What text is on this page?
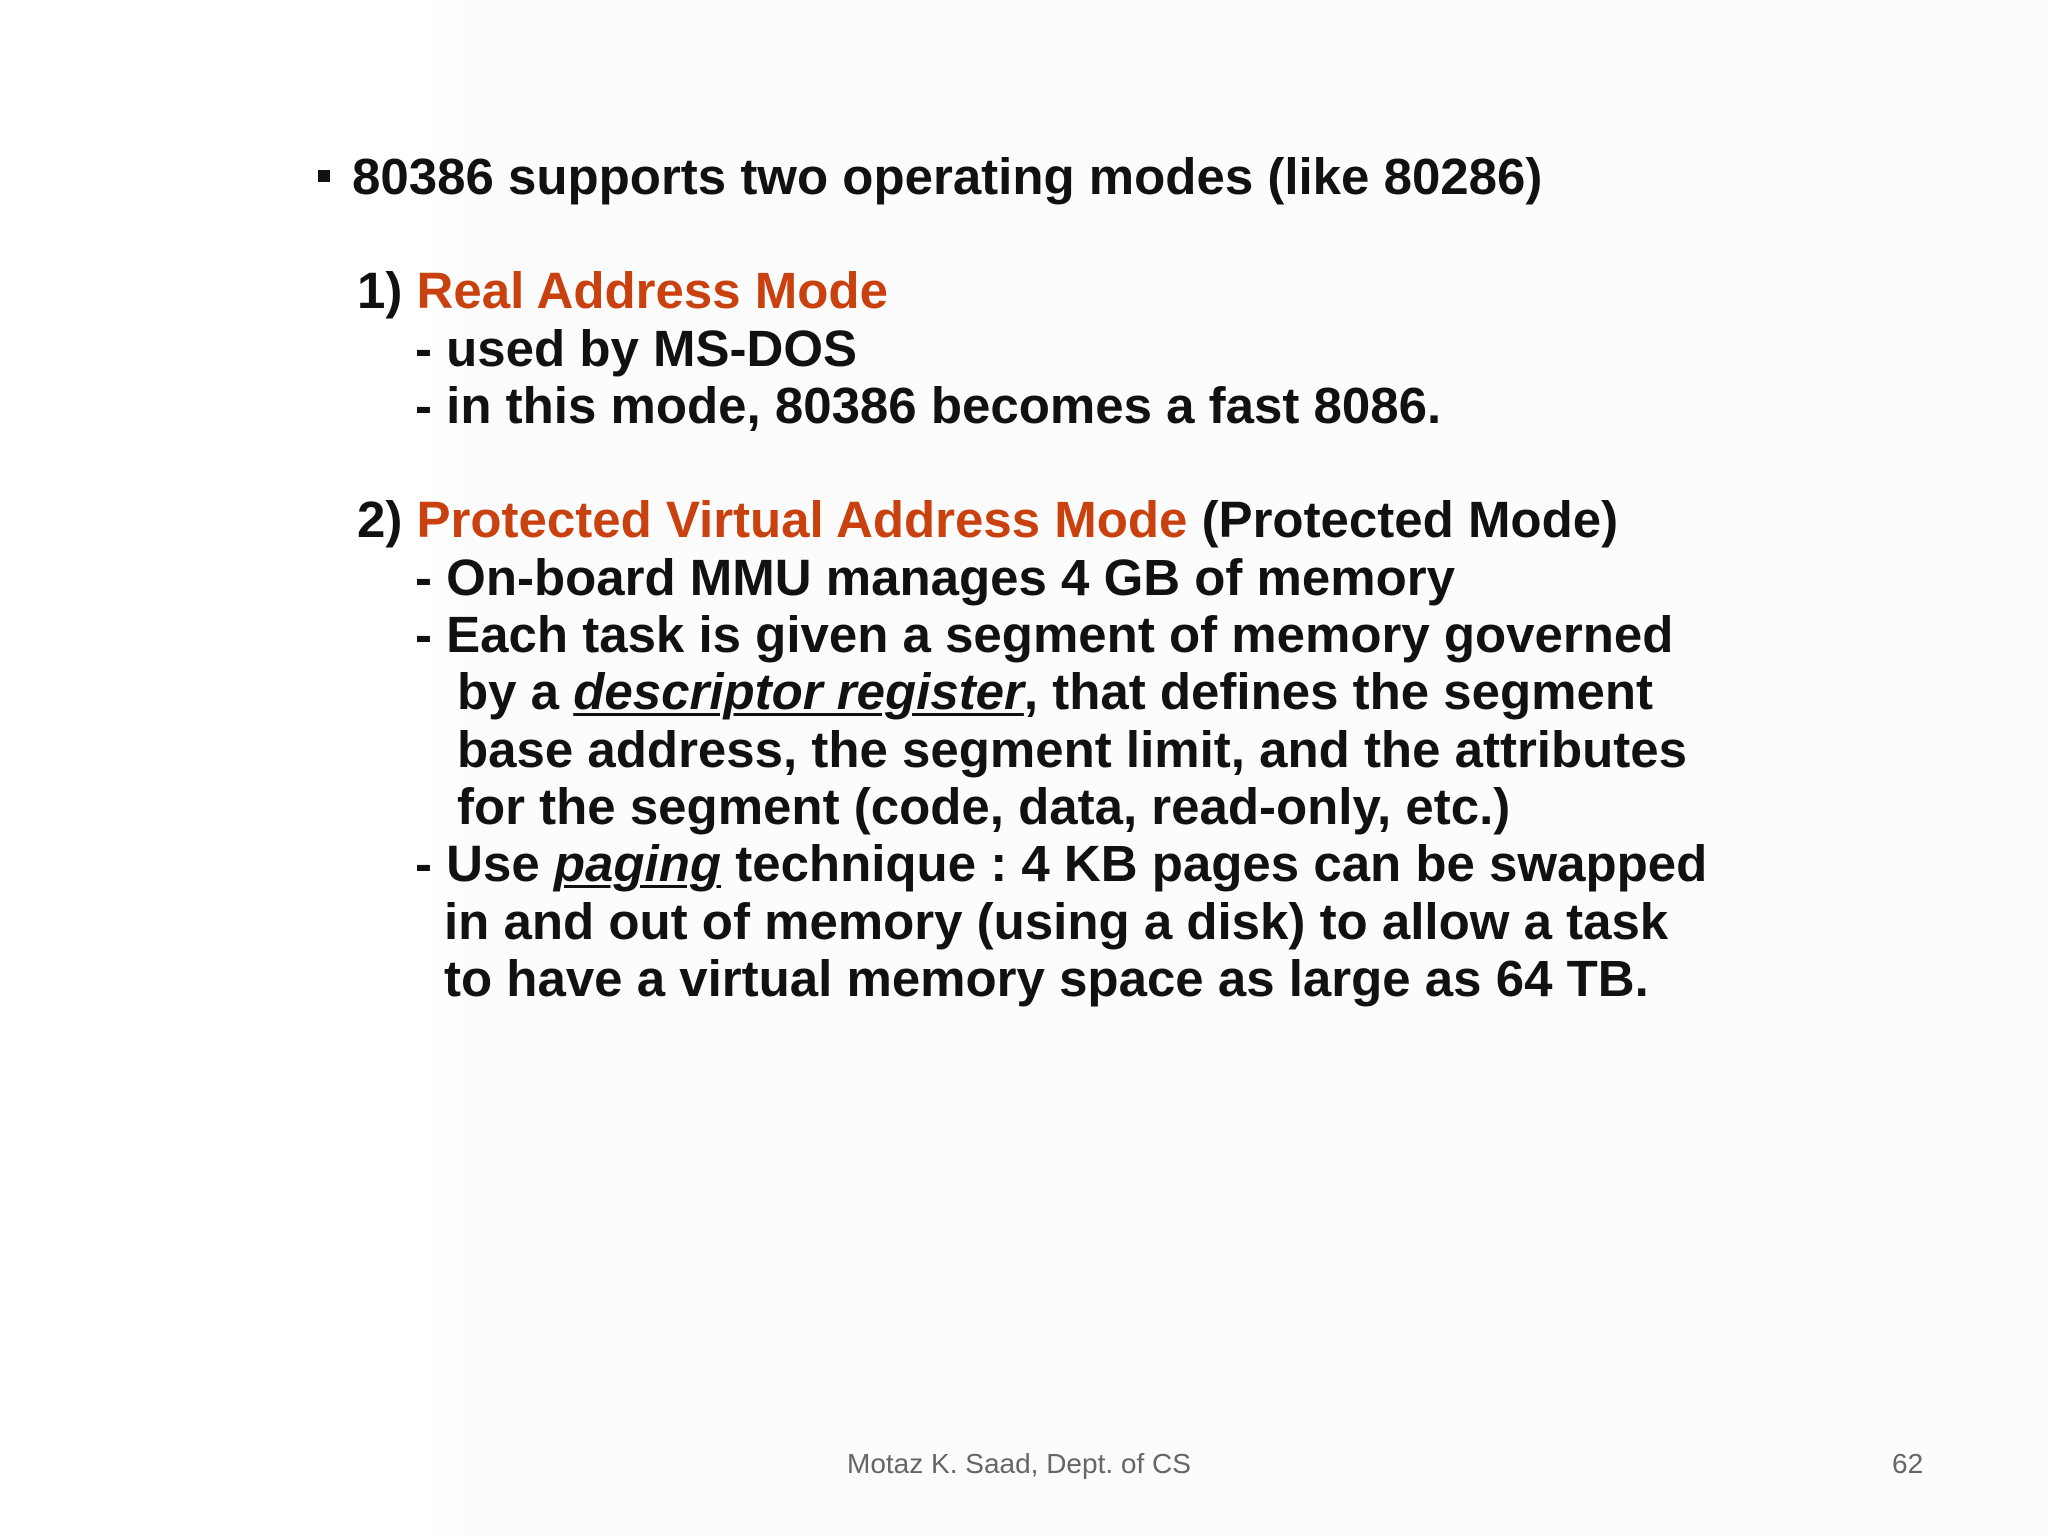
80386 supports two operating modes (like 80286)
1) Real Address Mode
- used by MS-DOS
- in this mode, 80386 becomes a fast 8086.
2) Protected Virtual Address Mode (Protected Mode)
- On-board MMU manages 4 GB of memory
- Each task is given a segment of memory governed
by a descriptor register, that defines the segment
base address, the segment limit, and the attributes
for the segment (code, data, read-only, etc.)
- Use paging technique : 4 KB pages can be swapped
in and out of memory (using a disk) to allow a task
to have a virtual memory space as large as 64 TB.
Motaz K. Saad, Dept. of CS	62
